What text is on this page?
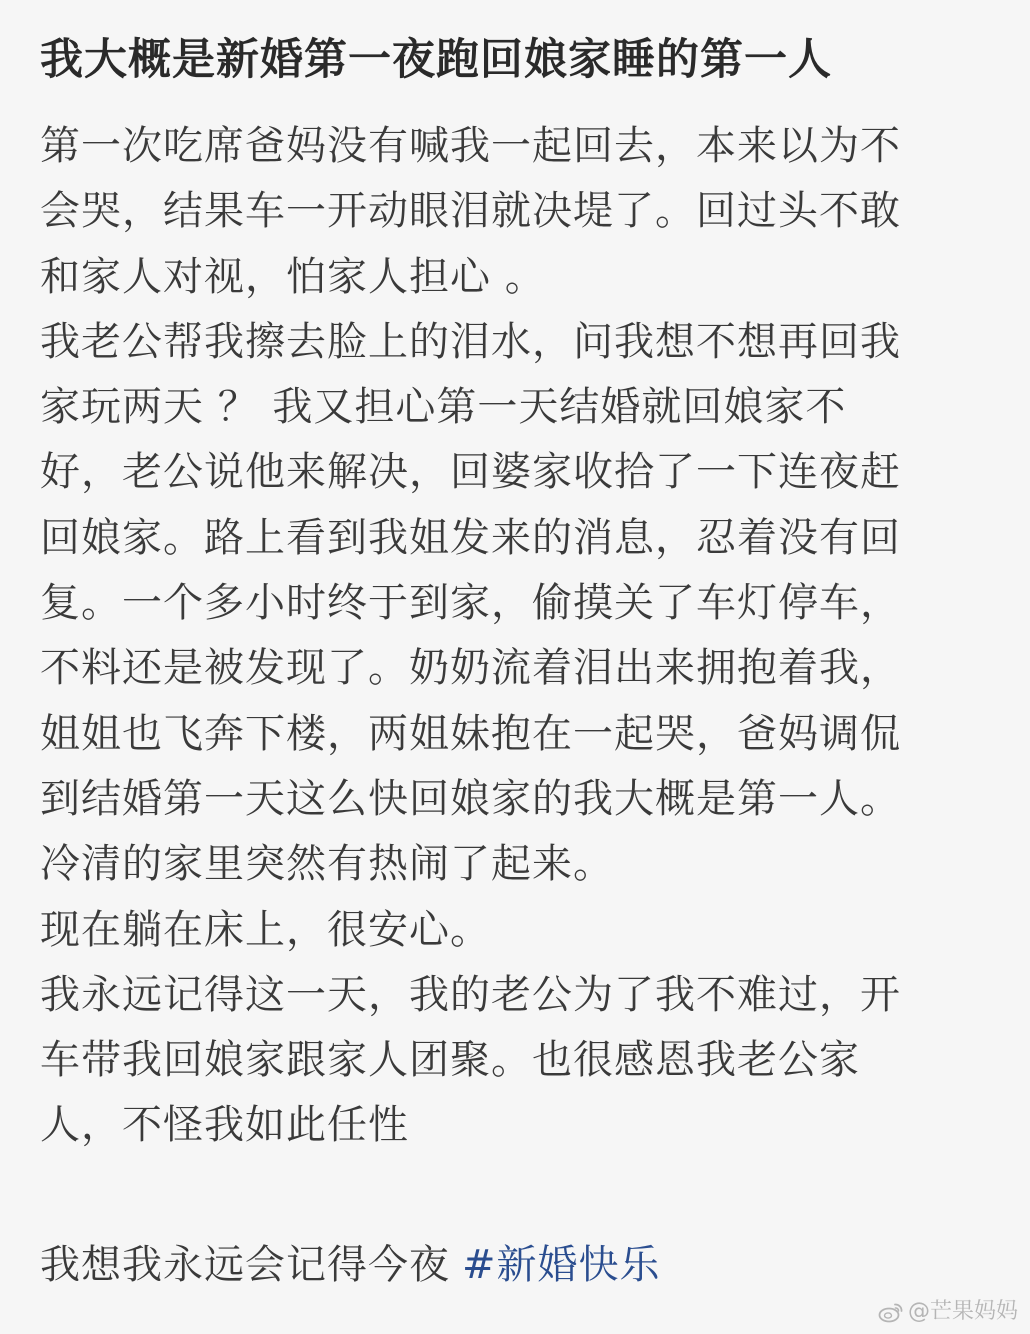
我大概是新婚第一夜跑回娘家睡的第一人
第一次吃席爸妈没有喊我一起回去，本来以为不
会哭，结果车一开动眼泪就决堤了。回过头不敢
和家人对视，怕家人担心 。
我老公帮我擦去脸上的泪水，问我想不想再回我
家玩两天 ？ 我又担心第一天结婚就回娘家不
好，老公说他来解决，回婆家收拾了一下连夜赶
回娘家。路上看到我姐发来的消息，忍着没有回
复。一个多小时终于到家，偷摸关了车灯停车，
不料还是被发现了。奶奶流着泪出来拥抱着我，
姐姐也飞奔下楼，两姐妹抱在一起哭，爸妈调侃
到结婚第一天这么快回娘家的我大概是第一人。
冷清的家里突然有热闹了起来。
现在躺在床上，很安心。
我永远记得这一天，我的老公为了我不难过，开
车带我回娘家跟家人团聚。也很感恩我老公家
人，不怪我如此任性
我想我永远会记得今夜 #新婚快乐
@芒果妈妈
